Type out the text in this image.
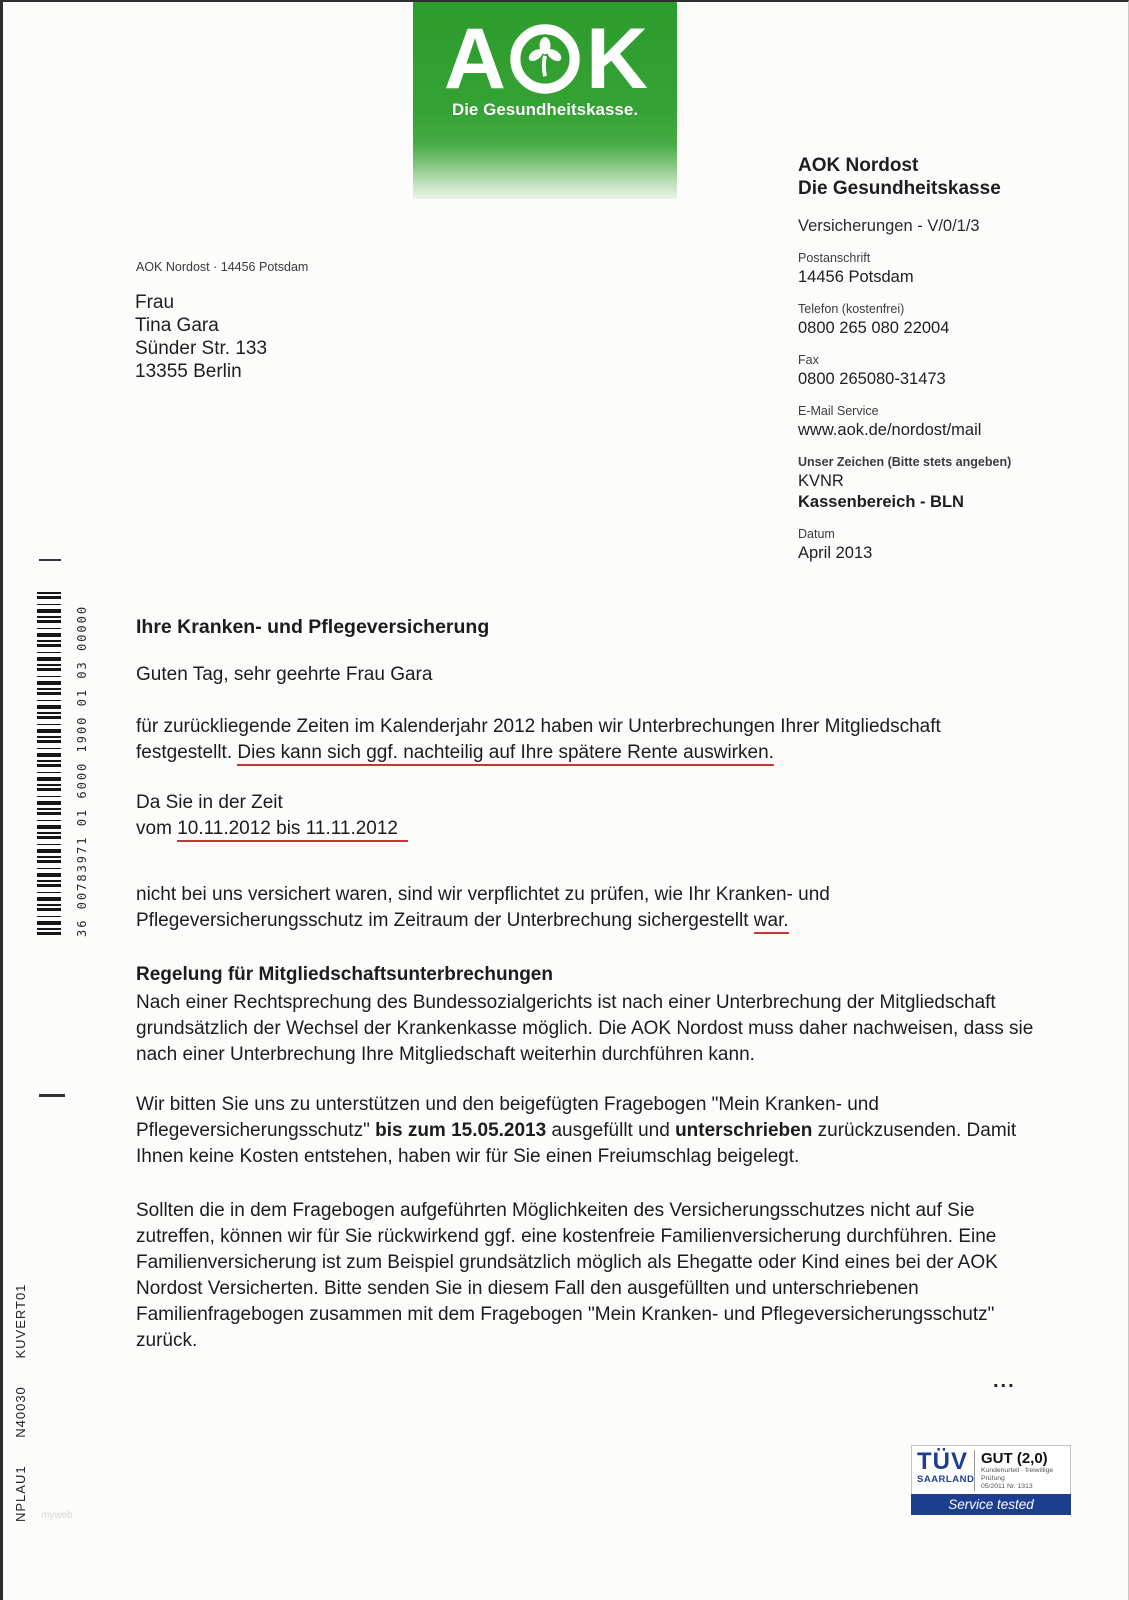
A K
Die Gesundheitskasse.
AOK Nordost
Die Gesundheitskasse
Versicherungen - V/0/1/3
Postanschrift
14456 Potsdam
Telefon (kostenfrei)
0800 265 080 22004
Fax
0800 265080-31473
E-Mail Service
www.aok.de/nordost/mail
Unser Zeichen (Bitte stets angeben)
KVNR
Kassenbereich - BLN
Datum
April 2013
AOK Nordost · 14456 Potsdam
Frau
Tina Gara
Sünder Str. 133
13355 Berlin
Ihre Kranken- und Pflegeversicherung
Guten Tag, sehr geehrte Frau Gara
für zurückliegende Zeiten im Kalenderjahr 2012 haben wir Unterbrechungen Ihrer Mitgliedschaft festgestellt. Dies kann sich ggf. nachteilig auf Ihre spätere Rente auswirken.
Da Sie in der Zeit
vom 10.11.2012 bis 11.11.2012
nicht bei uns versichert waren, sind wir verpflichtet zu prüfen, wie Ihr Kranken- und Pflegeversicherungsschutz im Zeitraum der Unterbrechung sichergestellt war.
Regelung für Mitgliedschaftsunterbrechungen
Nach einer Rechtsprechung des Bundessozialgerichts ist nach einer Unterbrechung der Mitgliedschaft grundsätzlich der Wechsel der Krankenkasse möglich. Die AOK Nordost muss daher nachweisen, dass sie nach einer Unterbrechung Ihre Mitgliedschaft weiterhin durchführen kann.
Wir bitten Sie uns zu unterstützen und den beigefügten Fragebogen "Mein Kranken- und Pflegeversicherungsschutz" bis zum 15.05.2013 ausgefüllt und unterschrieben zurückzusenden. Damit Ihnen keine Kosten entstehen, haben wir für Sie einen Freiumschlag beigelegt.
Sollten die in dem Fragebogen aufgeführten Möglichkeiten des Versicherungsschutzes nicht auf Sie zutreffen, können wir für Sie rückwirkend ggf. eine kostenfreie Familienversicherung durchführen. Eine Familienversicherung ist zum Beispiel grundsätzlich möglich als Ehegatte oder Kind eines bei der AOK Nordost Versicherten. Bitte senden Sie in diesem Fall den ausgefüllten und unterschriebenen Familienfragebogen zusammen mit dem Fragebogen "Mein Kranken- und Pflegeversicherungsschutz" zurück.
...
36 00783971 01 6000 1900 01 03 00000
NPLAU1      N40030      KUVERT01 myweb
TÜV
SAARLAND
GUT (2,0)
Kundenurteil · freiwillige Prüfung
05/2011 Nr. 1313
Service tested
